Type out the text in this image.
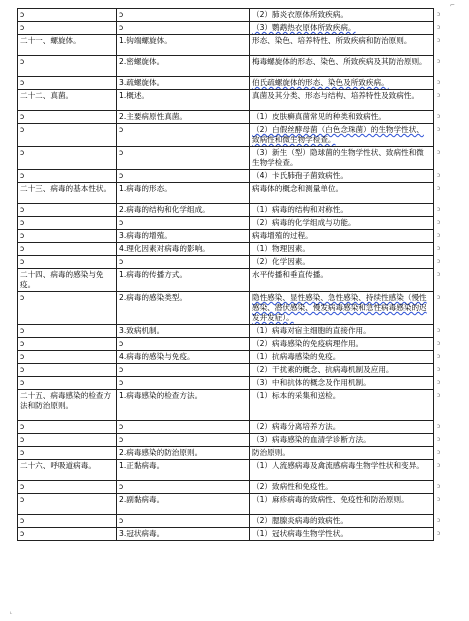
⌐
ᴸ
ↄ	ↄ	（2）肺炎衣原体所致疾病。	ↄ
ↄ	ↄ	（3）鹦鹉热衣原体所致疾病。	ↄ
二十一、螺旋体。	1.钩端螺旋体。	形态、染色、培养特性、所致疾病和防治原则。	ↄ
ↄ	2.密螺旋体。	梅毒螺旋体的形态、染色、所致疾病及其防治原则。	ↄ
ↄ	3.疏螺旋体。	伯氏疏螺旋体的形态、染色及所致疾病。	ↄ
二十二、真菌。	1.概述。	真菌及其分类、形态与结构、培养特性及致病性。	ↄ
ↄ	2.主要病原性真菌。	（1）皮肤癣真菌常见的种类和致病性。	ↄ
ↄ	ↄ	（2）白假丝酵母菌（白色念珠菌）的生物学性状、致病性和微生物学检查。	ↄ
ↄ	ↄ	（3）新生（型）隐球菌的生物学性状、致病性和微生物学检查。	ↄ
ↄ	ↄ	（4）卡氏肺孢子菌致病性。	ↄ
二十三、病毒的基本性状。	1.病毒的形态。	病毒体的概念和测量单位。	ↄ
ↄ	2.病毒的结构和化学组成。	（1）病毒的结构和对称性。	ↄ
ↄ	ↄ	（2）病毒的化学组成与功能。	ↄ
ↄ	3.病毒的增殖。	病毒增殖的过程。	ↄ
ↄ	4.理化因素对病毒的影响。	（1）物理因素。	ↄ
ↄ	ↄ	（2）化学因素。	ↄ
二十四、病毒的感染与免疫。	1.病毒的传播方式。	水平传播和垂直传播。	ↄ
ↄ	2.病毒的感染类型。	隐性感染、显性感染、急性感染、持续性感染（慢性感染、潜伏感染、慢发病毒感染和急性病毒感染的迟发并发症）。	ↄ
ↄ	3.致病机制。	（1）病毒对宿主细胞的直接作用。	ↄ
ↄ	ↄ	（2）病毒感染的免疫病理作用。	ↄ
ↄ	4.病毒的感染与免疫。	（1）抗病毒感染的免疫。	ↄ
ↄ	ↄ	（2）干扰素的概念、抗病毒机制及应用。	ↄ
ↄ	ↄ	（3）中和抗体的概念及作用机制。	ↄ
二十五、病毒感染的检查方法和防治原则。	1.病毒感染的检查方法。	（1）标本的采集和送检。	ↄ
ↄ	ↄ	（2）病毒分离培养方法。	ↄ
ↄ	ↄ	（3）病毒感染的血清学诊断方法。	ↄ
ↄ	2.病毒感染的防治原则。	防治原则。	ↄ
二十六、呼吸道病毒。	1.正黏病毒。	（1）人流感病毒及禽流感病毒生物学性状和变异。	ↄ
ↄ	ↄ	（2）致病性和免疫性。	ↄ
ↄ	2.副黏病毒。	（1）麻疹病毒的致病性、免疫性和防治原则。	ↄ
ↄ	ↄ	（2）腮腺炎病毒的致病性。	ↄ
ↄ	3.冠状病毒。	（1）冠状病毒生物学性状。	ↄ
